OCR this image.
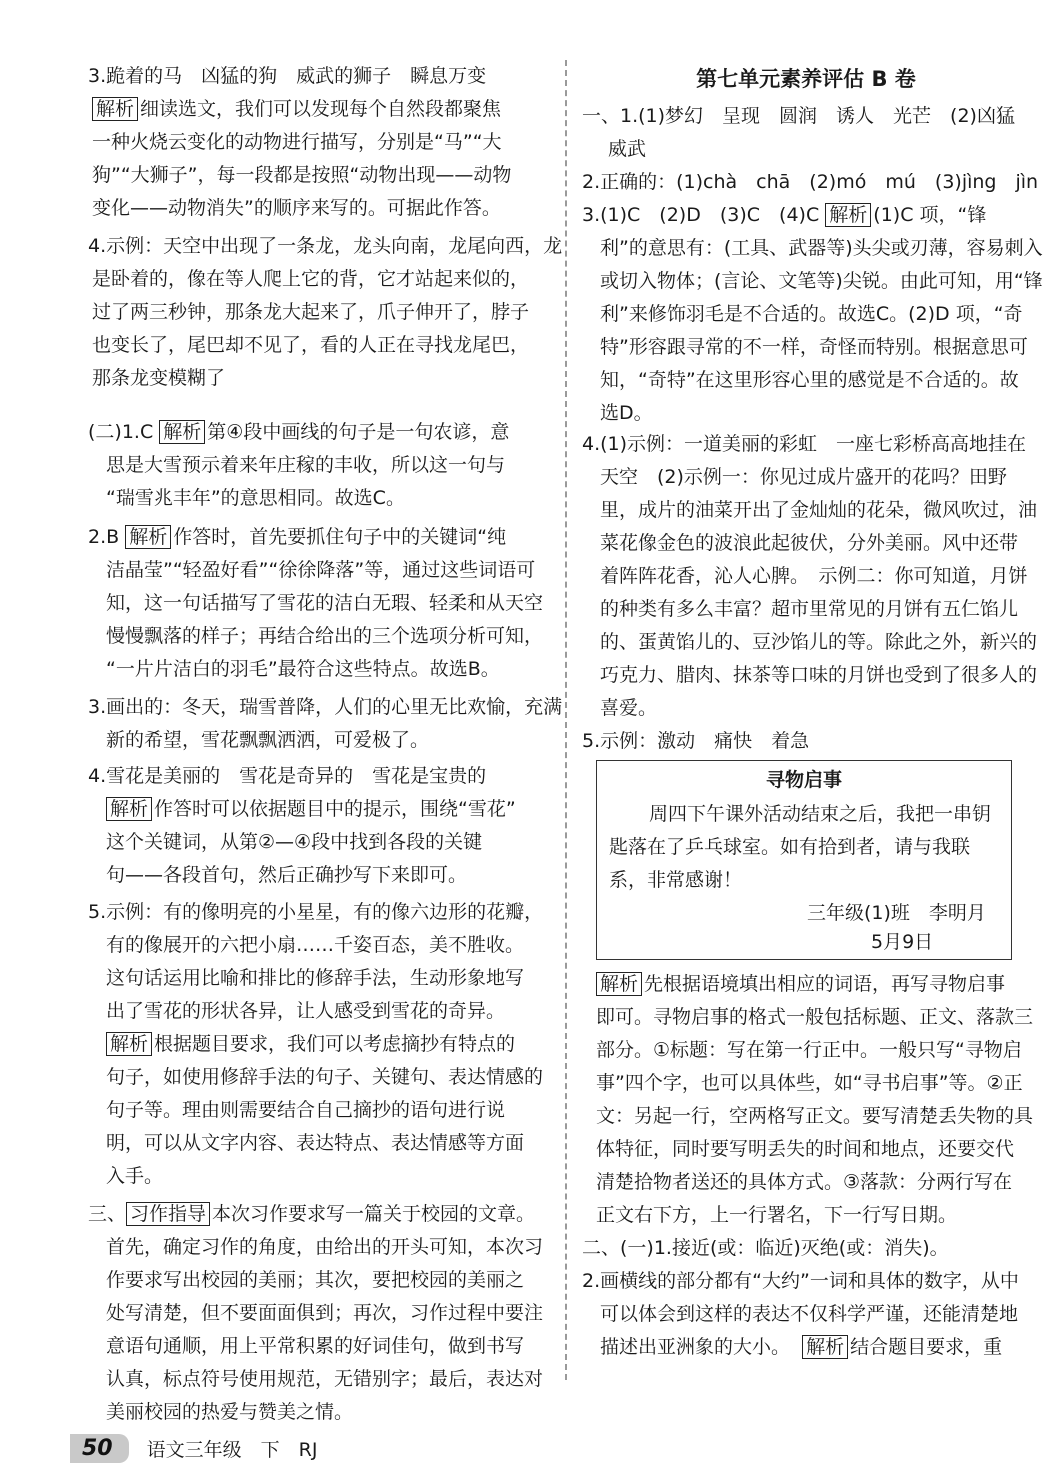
3.跪着的马　凶猛的狗　威武的狮子　瞬息万变
解析 细读选文，我们可以发现每个自然段都聚焦
一种火烧云变化的动物进行描写，分别是“马”“大
狗”“大狮子”，每一段都是按照“动物出现——动物
变化——动物消失”的顺序来写的。可据此作答。
4.示例：天空中出现了一条龙，龙头向南，龙尾向西，龙
是卧着的，像在等人爬上它的背，它才站起来似的，
过了两三秒钟，那条龙大起来了，爪子伸开了，脖子
也变长了，尾巴却不见了，看的人正在寻找龙尾巴，
那条龙变模糊了
(二)1.C 解析 第④段中画线的句子是一句农谚，意
思是大雪预示着来年庄稼的丰收，所以这一句与
“瑞雪兆丰年”的意思相同。故选C。
2.B 解析 作答时，首先要抓住句子中的关键词“纯
洁晶莹”“轻盈好看”“徐徐降落”等，通过这些词语可
知，这一句话描写了雪花的洁白无瑕、轻柔和从天空
慢慢飘落的样子；再结合给出的三个选项分析可知，
“一片片洁白的羽毛”最符合这些特点。故选B。
3.画出的：冬天，瑞雪普降，人们的心里无比欢愉，充满
新的希望，雪花飘飘洒洒，可爱极了。
4.雪花是美丽的　雪花是奇异的　雪花是宝贵的
解析 作答时可以依据题目中的提示，围绕“雪花”
这个关键词，从第②—④段中找到各段的关键
句——各段首句，然后正确抄写下来即可。
5.示例：有的像明亮的小星星，有的像六边形的花瓣，
有的像展开的六把小扇……千姿百态，美不胜收。
这句话运用比喻和排比的修辞手法，生动形象地写
出了雪花的形状各异，让人感受到雪花的奇异。
解析 根据题目要求，我们可以考虑摘抄有特点的
句子，如使用修辞手法的句子、关键句、表达情感的
句子等。理由则需要结合自己摘抄的语句进行说
明，可以从文字内容、表达特点、表达情感等方面
入手。
三、 习作指导 本次习作要求写一篇关于校园的文章。
首先，确定习作的角度，由给出的开头可知，本次习
作要求写出校园的美丽；其次，要把校园的美丽之
处写清楚，但不要面面俱到；再次，习作过程中要注
意语句通顺，用上平常积累的好词佳句，做到书写
认真，标点符号使用规范，无错别字；最后，表达对
美丽校园的热爱与赞美之情。
第七单元素养评估 B 卷
一、1.(1)梦幻　呈现　圆润　诱人　光芒　(2)凶猛
威武
2.正确的：(1)chà　chā　(2)mó　mú　(3)jìng　jìn
3.(1)C　(2)D　(3)C　(4)C 解析 (1)C 项，“锋
利”的意思有：(工具、武器等)头尖或刃薄，容易刺入
或切入物体；(言论、文笔等)尖锐。由此可知，用“锋
利”来修饰羽毛是不合适的。故选C。(2)D 项，“奇
特”形容跟寻常的不一样，奇怪而特别。根据意思可
知，“奇特”在这里形容心里的感觉是不合适的。故
选D。
4.(1)示例：一道美丽的彩虹　一座七彩桥高高地挂在
天空　(2)示例一：你见过成片盛开的花吗？田野
里，成片的油菜开出了金灿灿的花朵，微风吹过，油
菜花像金色的波浪此起彼伏，分外美丽。风中还带
着阵阵花香，沁人心脾。　示例二：你可知道，月饼
的种类有多么丰富？超市里常见的月饼有五仁馅儿
的、蛋黄馅儿的、豆沙馅儿的等。除此之外，新兴的
巧克力、腊肉、抹茶等口味的月饼也受到了很多人的
喜爱。
5.示例：激动　痛快　着急
寻物启事
周四下午课外活动结束之后，我把一串钥
匙落在了乒乓球室。如有拾到者，请与我联
系，非常感谢！
三年级(1)班　李明月
5月9日
解析 先根据语境填出相应的词语，再写寻物启事
即可。寻物启事的格式一般包括标题、正文、落款三
部分。①标题：写在第一行正中。一般只写“寻物启
事”四个字，也可以具体些，如“寻书启事”等。②正
文：另起一行，空两格写正文。要写清楚丢失物的具
体特征，同时要写明丢失的时间和地点，还要交代
清楚拾物者送还的具体方式。③落款：分两行写在
正文右下方，上一行署名，下一行写日期。
二、(一)1.接近(或：临近)灭绝(或：消失)。
2.画横线的部分都有“大约”一词和具体的数字，从中
可以体会到这样的表达不仅科学严谨，还能清楚地
描述出亚洲象的大小。 解析 结合题目要求，重
50	语文三年级　下　RJ
